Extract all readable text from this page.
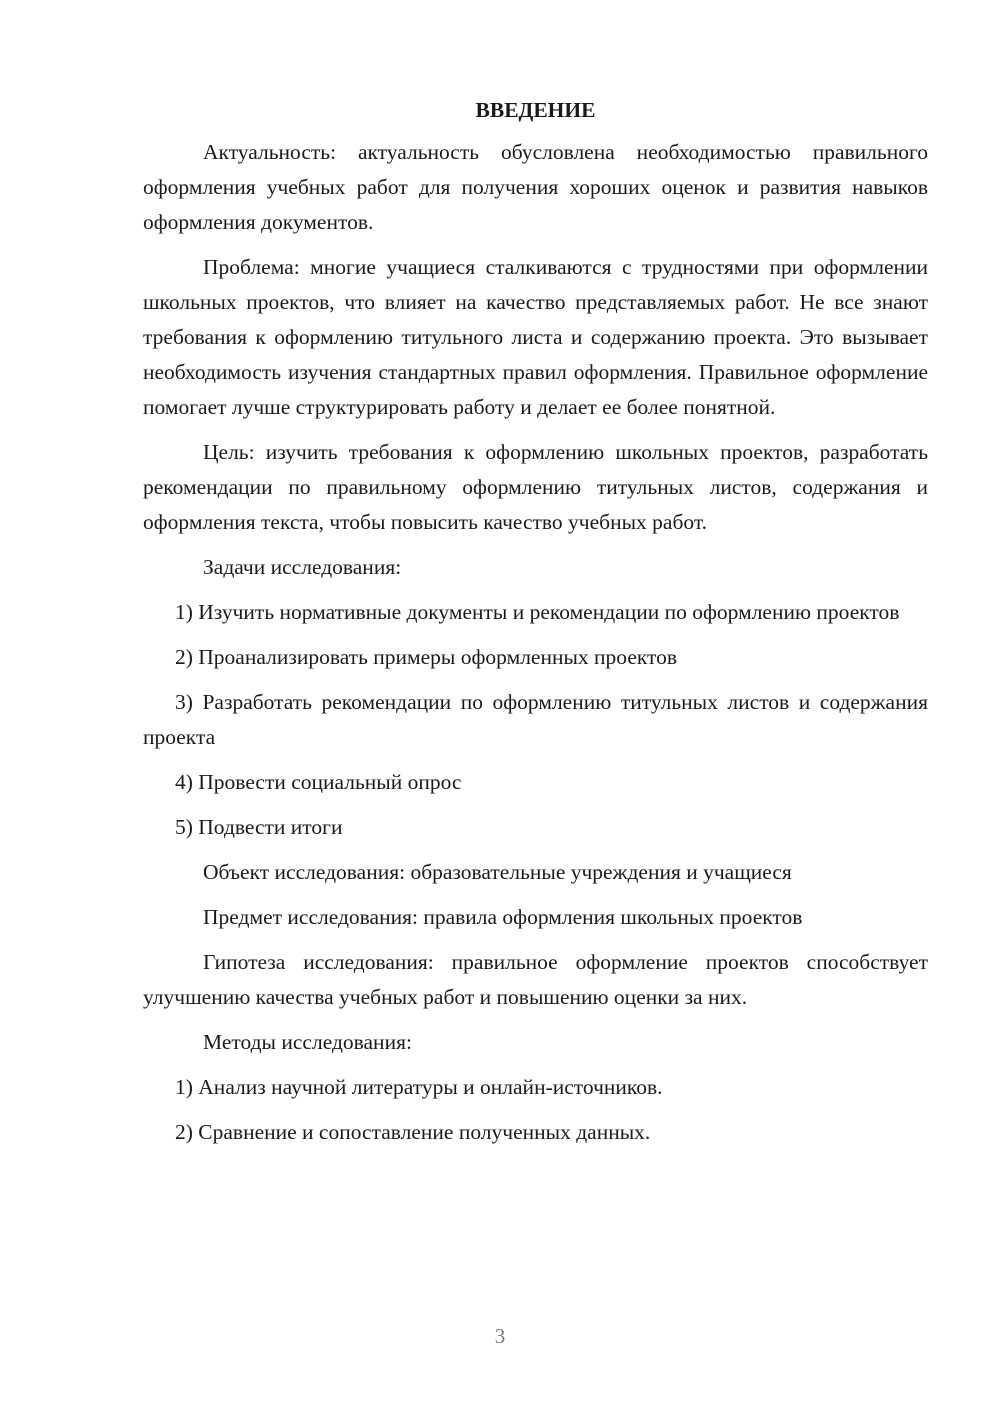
ВВЕДЕНИЕ

Актуальность: актуальность обусловлена необходимостью правильного оформления учебных работ для получения хороших оценок и развития навыков оформления документов.

Проблема: многие учащиеся сталкиваются с трудностями при оформлении школьных проектов, что влияет на качество представляемых работ. Не все знают требования к оформлению титульного листа и содержанию проекта. Это вызывает необходимость изучения стандартных правил оформления. Правильное оформление помогает лучше структурировать работу и делает ее более понятной.

Цель: изучить требования к оформлению школьных проектов, разработать рекомендации по правильному оформлению титульных листов, содержания и оформления текста, чтобы повысить качество учебных работ.

Задачи исследования:

1) Изучить нормативные документы и рекомендации по оформлению проектов

2) Проанализировать примеры оформленных проектов

3) Разработать рекомендации по оформлению титульных листов и содержания проекта

4) Провести социальный опрос

5) Подвести итоги

Объект исследования: образовательные учреждения и учащиеся

Предмет исследования: правила оформления школьных проектов

Гипотеза исследования: правильное оформление проектов способствует улучшению качества учебных работ и повышению оценки за них.

Методы исследования:

1) Анализ научной литературы и онлайн-источников.

2) Сравнение и сопоставление полученных данных.

3
